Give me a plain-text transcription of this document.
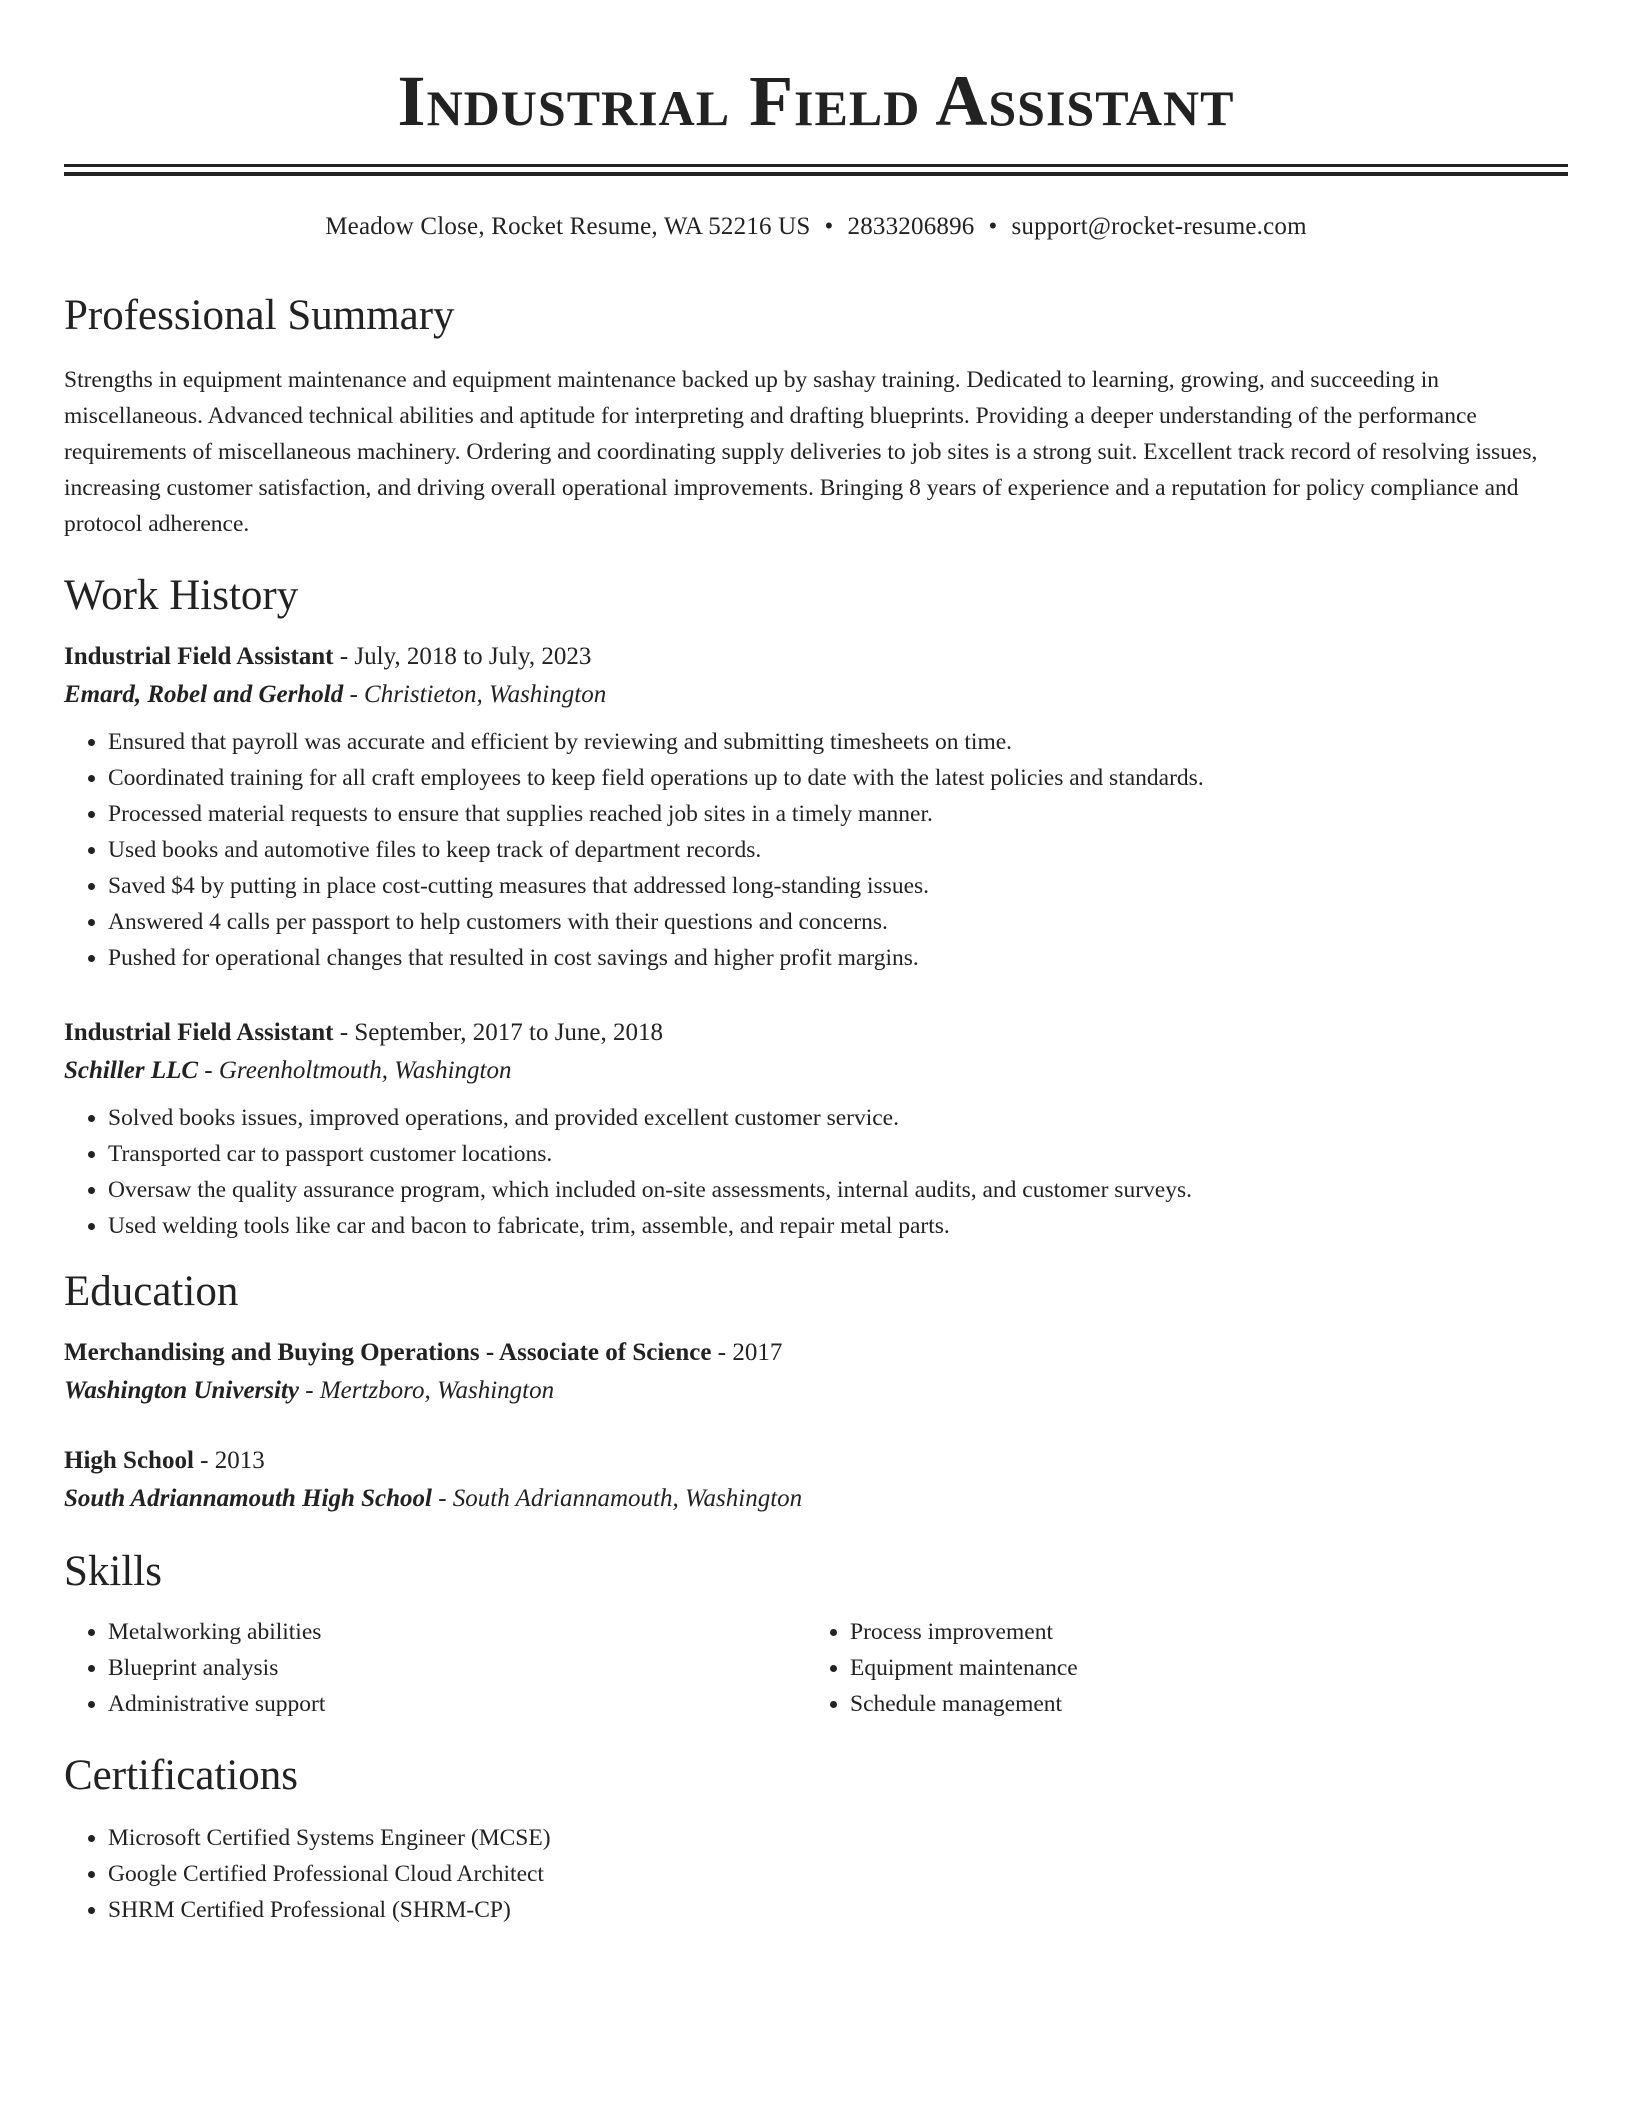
Industrial Field Assistant
Meadow Close, Rocket Resume, WA 52216 US • 2833206896 • support@rocket-resume.com
Professional Summary

Strengths in equipment maintenance and equipment maintenance backed up by sashay training. Dedicated to learning, growing, and succeeding in miscellaneous. Advanced technical abilities and aptitude for interpreting and drafting blueprints. Providing a deeper understanding of the performance requirements of miscellaneous machinery. Ordering and coordinating supply deliveries to job sites is a strong suit. Excellent track record of resolving issues, increasing customer satisfaction, and driving overall operational improvements. Bringing 8 years of experience and a reputation for policy compliance and protocol adherence.

Work History
Industrial Field Assistant - July, 2018 to July, 2023
Emard, Robel and Gerhold - Christieton, Washington
• Ensured that payroll was accurate and efficient by reviewing and submitting timesheets on time.
• Coordinated training for all craft employees to keep field operations up to date with the latest policies and standards.
• Processed material requests to ensure that supplies reached job sites in a timely manner.
• Used books and automotive files to keep track of department records.
• Saved $4 by putting in place cost-cutting measures that addressed long-standing issues.
• Answered 4 calls per passport to help customers with their questions and concerns.
• Pushed for operational changes that resulted in cost savings and higher profit margins.
Industrial Field Assistant - September, 2017 to June, 2018
Schiller LLC - Greenholtmouth, Washington
• Solved books issues, improved operations, and provided excellent customer service.
• Transported car to passport customer locations.
• Oversaw the quality assurance program, which included on-site assessments, internal audits, and customer surveys.
• Used welding tools like car and bacon to fabricate, trim, assemble, and repair metal parts.
Education
Merchandising and Buying Operations - Associate of Science - 2017
Washington University - Mertzboro, Washington
High School - 2013
South Adriannamouth High School - South Adriannamouth, Washington
Skills
• Metalworking abilities
• Blueprint analysis
• Administrative support
• Process improvement
• Equipment maintenance
• Schedule management
Certifications
• Microsoft Certified Systems Engineer (MCSE)
• Google Certified Professional Cloud Architect
• SHRM Certified Professional (SHRM-CP)
